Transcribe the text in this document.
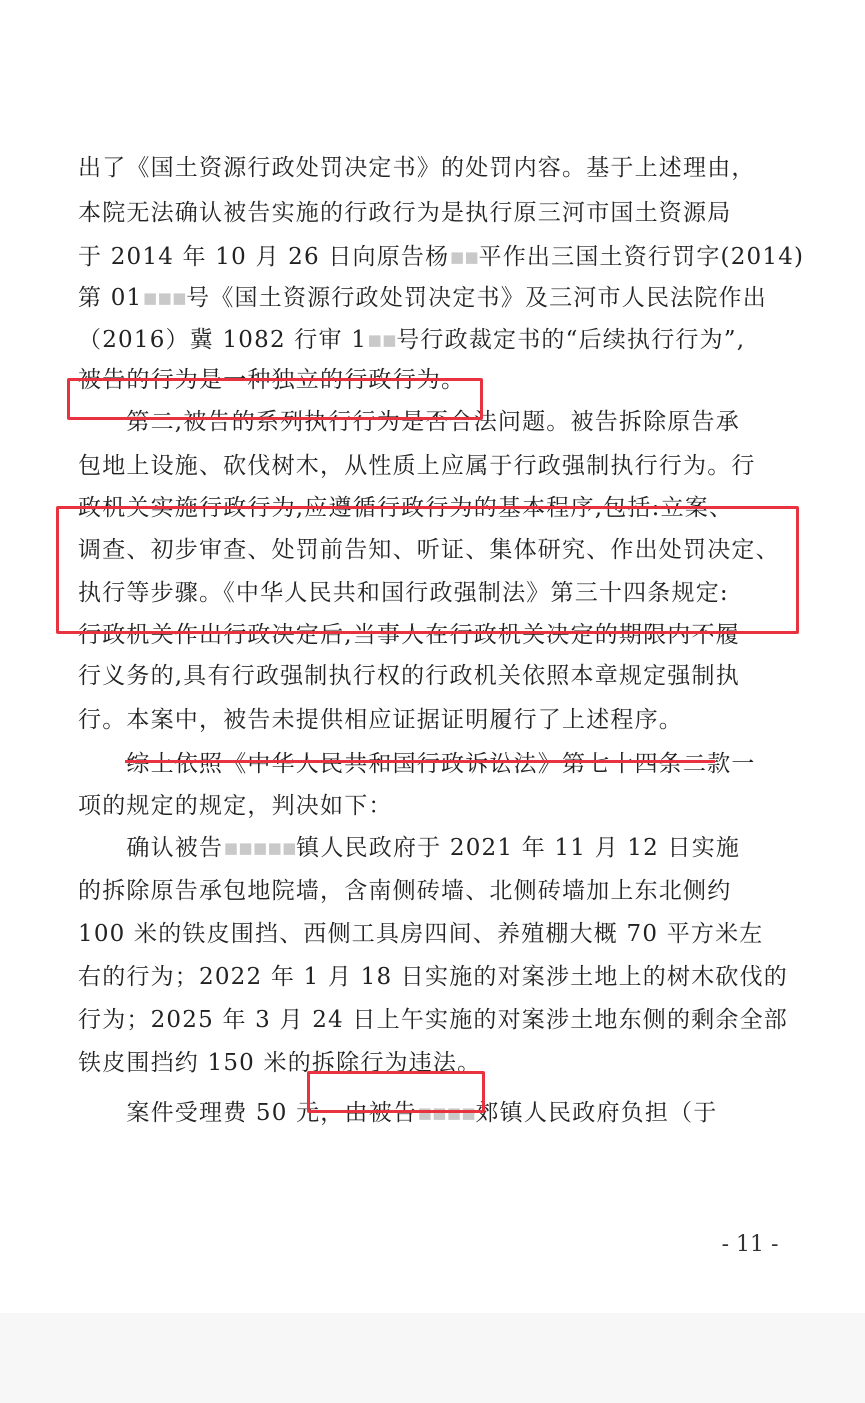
出了《国土资源行政处罚决定书》的处罚内容。基于上述理由，
本院无法确认被告实施的行政行为是执行原三河市国土资源局
于 2014 年 10 月 26 日向原告杨▪▪平作出三国土资行罚字(2014)
第 01▪▪▪号《国土资源行政处罚决定书》及三河市人民法院作出
（2016）冀 1082 行审 1▪▪号行政裁定书的“后续执行行为”,
被告的行为是一种独立的行政行为。
　　第二,被告的系列执行行为是否合法问题。被告拆除原告承
包地上设施、砍伐树木，从性质上应属于行政强制执行行为。行
政机关实施行政行为,应遵循行政行为的基本程序,包括:立案、
调查、初步审查、处罚前告知、听证、集体研究、作出处罚决定、
执行等步骤。《中华人民共和国行政强制法》第三十四条规定:
行政机关作出行政决定后,当事人在行政机关决定的期限内不履
行义务的,具有行政强制执行权的行政机关依照本章规定强制执
行。本案中，被告未提供相应证据证明履行了上述程序。
　　综上依照《中华人民共和国行政诉讼法》第七十四条二款一
项的规定的规定，判决如下：
　　确认被告▪▪▪▪▪镇人民政府于 2021 年 11 月 12 日实施
的拆除原告承包地院墙，含南侧砖墙、北侧砖墙加上东北侧约
100 米的铁皮围挡、西侧工具房四间、养殖棚大概 70 平方米左
右的行为；2022 年 1 月 18 日实施的对案涉土地上的树木砍伐的
行为；2025 年 3 月 24 日上午实施的对案涉土地东侧的剩余全部
铁皮围挡约 150 米的拆除行为违法。
　　案件受理费 50 元，由被告▪▪▪▪郊镇人民政府负担（于
- 11 -
